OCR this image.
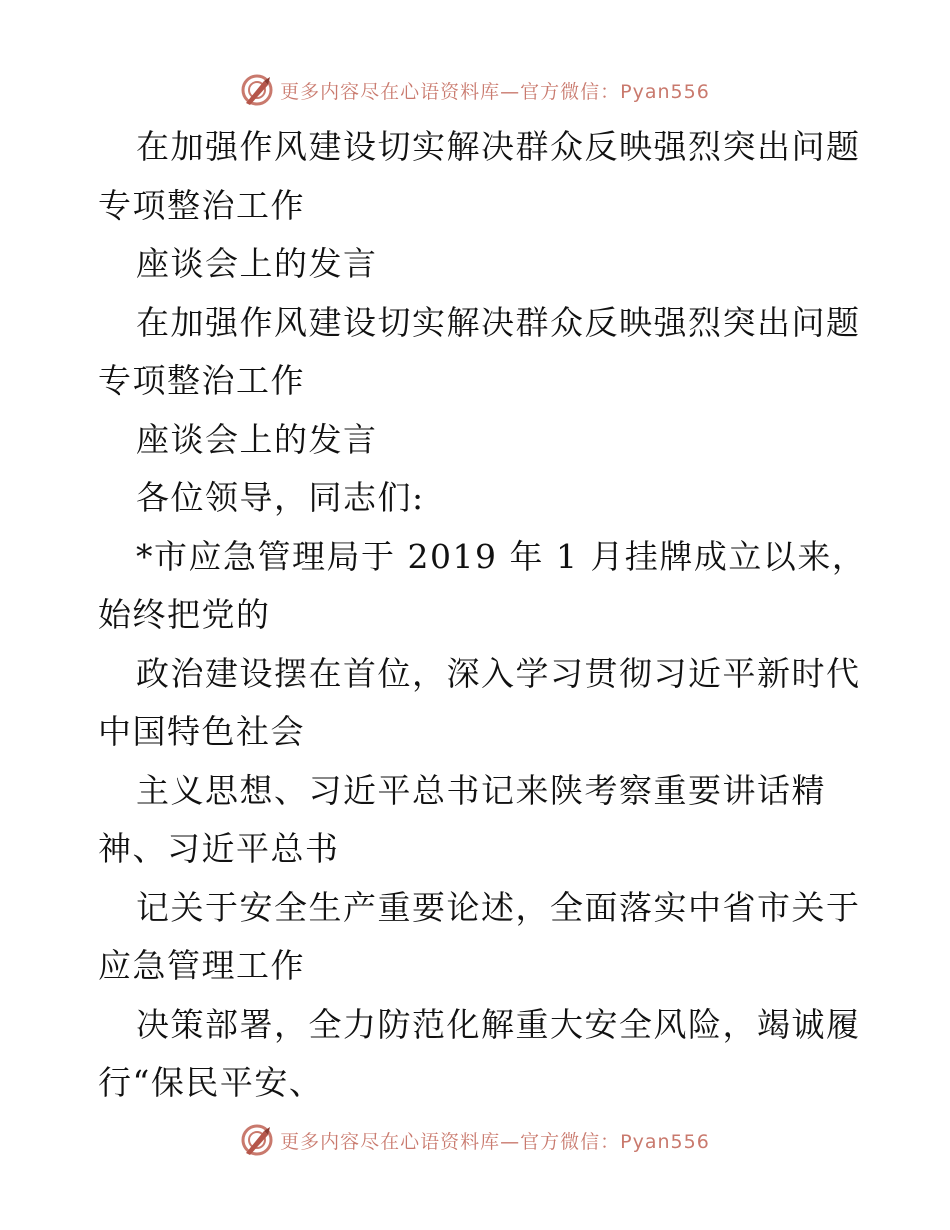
更多内容尽在心语资料库—官方微信：Pyan556
在加强作风建设切实解决群众反映强烈突出问题
专项整治工作
座谈会上的发言
在加强作风建设切实解决群众反映强烈突出问题
专项整治工作
座谈会上的发言
各位领导，同志们:
*市应急管理局于 2019 年 1 月挂牌成立以来，
始终把党的
政治建设摆在首位，深入学习贯彻习近平新时代
中国特色社会
主义思想、习近平总书记来陕考察重要讲话精
神、习近平总书
记关于安全生产重要论述，全面落实中省市关于
应急管理工作
决策部署，全力防范化解重大安全风险，竭诚履
行“保民平安、
更多内容尽在心语资料库—官方微信：Pyan556
